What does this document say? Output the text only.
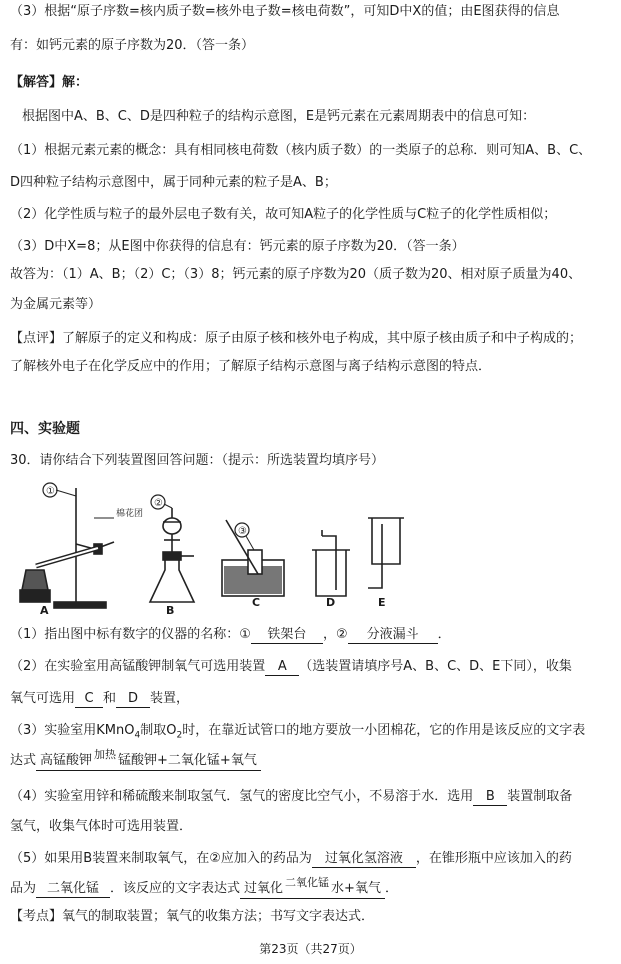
（3）根据“原子序数=核内质子数=核外电子数=核电荷数”，可知D中X的值；由E图获得的信息
有：如钙元素的原子序数为20．（答一条）
【解答】解：
根据图中A、B、C、D是四种粒子的结构示意图，E是钙元素在元素周期表中的信息可知：
（1）根据元素元素的概念：具有相同核电荷数（核内质子数）的一类原子的总称．则可知A、B、C、
D四种粒子结构示意图中，属于同种元素的粒子是A、B；
（2）化学性质与粒子的最外层电子数有关，故可知A粒子的化学性质与C粒子的化学性质相似；
（3）D中X=8；从E图中你获得的信息有：钙元素的原子序数为20．（答一条）
故答为：（1）A、B；（2）C；（3）8；钙元素的原子序数为20（质子数为20、相对原子质量为40、
为金属元素等）
【点评】了解原子的定义和构成：原子由原子核和核外电子构成，其中原子核由质子和中子构成的；
了解核外电子在化学反应中的作用；了解原子结构示意图与离子结构示意图的特点．
四、实验题
30．请你结合下列装置图回答问题：（提示：所选装置均填序号）
①
②
③
棉花团
A	B
C	D	E
（1）指出图中标有数字的仪器的名称：① 铁架台 ，② 分液漏斗 ．
（2）在实验室用高锰酸钾制氧气可选用装置 A （选装置请填序号A、B、C、D、E下同），收集
氧气可选用 C 和 D 装置，
（3）实验室用KMnO$_4$制取$O_2$时，在靠近试管口的地方要放一小团棉花，它的作用是该反应的文字表
达式 高锰酸钾 加热 锰酸钾+二氧化锰+氧气
（4）实验室用锌和稀硫酸来制取氢气．氢气的密度比空气小，不易溶于水．选用 B 装置制取备
氢气，收集气体时可选用装置．
（5）如果用B装置来制取氧气，在②应加入的药品为 过氧化氢溶液 ，在锥形瓶中应该加入的药
品为 二氧化锰 ．该反应的文字表达式 过氧化 二氧化锰 水+氧气 ．
【考点】氧气的制取装置；氧气的收集方法；书写文字表达式．
第23页（共27页）
